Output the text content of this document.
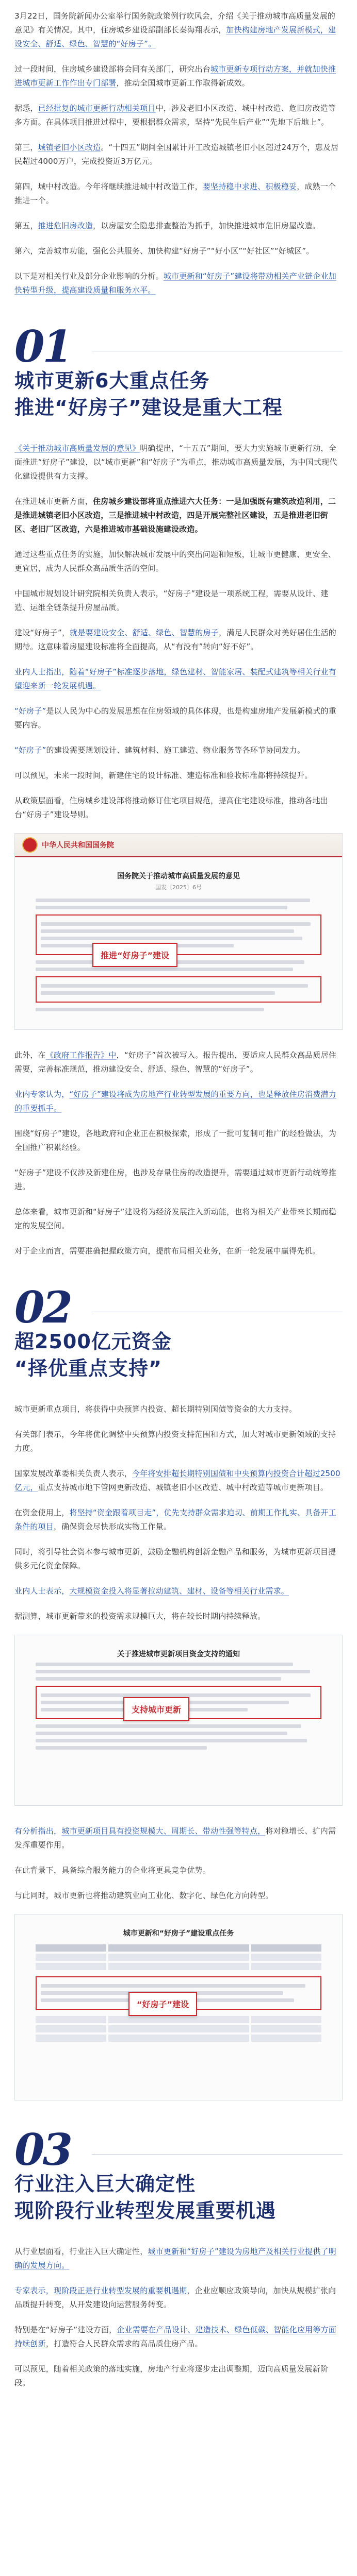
3月22日，国务院新闻办公室举行国务院政策例行吹风会，介绍《关于推动城市高质量发展的意见》有关情况。其中，住房城乡建设部副部长秦海翔表示，加快构建房地产发展新模式，建设安全、舒适、绿色、智慧的“好房子”。

过一段时间，住房城乡建设部将会同有关部门，研究出台城市更新专项行动方案，并就加快推进城市更新工作作出专门部署，推动全国城市更新工作取得新成效。

据悉，已经批复的城市更新行动相关项目中，涉及老旧小区改造、城中村改造、危旧房改造等多方面。在具体项目推进过程中，要根据群众需求，坚持“先民生后产业”“先地下后地上”。

第三，城镇老旧小区改造。“十四五”期间全国累计开工改造城镇老旧小区超过24万个，惠及居民超过4000万户，完成投资近3万亿元。

第四，城中村改造。今年将继续推进城中村改造工作，要坚持稳中求进、积极稳妥，成熟一个推进一个。

第五，推进危旧房改造，以房屋安全隐患排查整治为抓手，加快推进城市危旧房屋改造。

第六，完善城市功能，强化公共服务、加快构建“好房子”“好小区”“好社区”“好城区”。

以下是对相关行业及部分企业影响的分析。城市更新和“好房子”建设将带动相关产业链企业加快转型升级，提高建设质量和服务水平。

01
城市更新6大重点任务
推进“好房子”建设是重大工程

《关于推动城市高质量发展的意见》明确提出，“十五五”期间，要大力实施城市更新行动，全面推进“好房子”建设，以“城市更新”和“好房子”为重点，推动城市高质量发展，为中国式现代化建设提供有力支撑。

在推进城市更新方面，住房城乡建设部将重点推进六大任务：一是加强既有建筑改造利用，二是推进城镇老旧小区改造，三是推进城中村改造，四是开展完整社区建设，五是推进老旧街区、老旧厂区改造，六是推进城市基础设施建设改造。

通过这些重点任务的实施，加快解决城市发展中的突出问题和短板，让城市更健康、更安全、更宜居，成为人民群众高品质生活的空间。

中国城市规划设计研究院相关负责人表示，“好房子”建设是一项系统工程，需要从设计、建造、运维全链条提升房屋品质。

建设“好房子”，就是要建设安全、舒适、绿色、智慧的房子，满足人民群众对美好居住生活的期待。这意味着房屋建设标准将全面提高，从“有没有”转向“好不好”。

业内人士指出，随着“好房子”标准逐步落地，绿色建材、智能家居、装配式建筑等相关行业有望迎来新一轮发展机遇。

“好房子”是以人民为中心的发展思想在住房领域的具体体现，也是构建房地产发展新模式的重要内容。

“好房子”的建设需要规划设计、建筑材料、施工建造、物业服务等各环节协同发力。

可以预见，未来一段时间，新建住宅的设计标准、建造标准和验收标准都将持续提升。

从政策层面看，住房城乡建设部将推动修订住宅项目规范，提高住宅建设标准，推动各地出台“好房子”建设导则。

中华人民共和国国务院
国务院关于推动城市高质量发展的意见
国发〔2025〕6号
推进“好房子”建设

此外，在《政府工作报告》中，“好房子”首次被写入。报告提出，要适应人民群众高品质居住需要，完善标准规范，推动建设安全、舒适、绿色、智慧的“好房子”。

业内专家认为，“好房子”建设将成为房地产行业转型发展的重要方向，也是释放住房消费潜力的重要抓手。

围绕“好房子”建设，各地政府和企业正在积极探索，形成了一批可复制可推广的经验做法，为全国推广积累经验。

“好房子”建设不仅涉及新建住房，也涉及存量住房的改造提升，需要通过城市更新行动统筹推进。

总体来看，城市更新和“好房子”建设将为经济发展注入新动能，也将为相关产业带来长期而稳定的发展空间。

对于企业而言，需要准确把握政策方向，提前布局相关业务，在新一轮发展中赢得先机。

02
超2500亿元资金
“择优重点支持”

城市更新重点项目，将获得中央预算内投资、超长期特别国债等资金的大力支持。

有关部门表示，今年将优化调整中央预算内投资支持范围和方式，加大对城市更新领域的支持力度。

国家发展改革委相关负责人表示，今年将安排超长期特别国债和中央预算内投资合计超过2500亿元，重点支持城市地下管网更新改造、城镇老旧小区改造、城中村改造等城市更新项目。

在资金使用上，将坚持“资金跟着项目走”，优先支持群众需求迫切、前期工作扎实、具备开工条件的项目，确保资金尽快形成实物工作量。

同时，将引导社会资本参与城市更新，鼓励金融机构创新金融产品和服务，为城市更新项目提供多元化资金保障。

业内人士表示，大规模资金投入将显著拉动建筑、建材、设备等相关行业需求。

据测算，城市更新带来的投资需求规模巨大，将在较长时期内持续释放。

关于推进城市更新项目资金支持的通知
支持城市更新

有分析指出，城市更新项目具有投资规模大、周期长、带动性强等特点，将对稳增长、扩内需发挥重要作用。

在此背景下，具备综合服务能力的企业将更具竞争优势。

与此同时，城市更新也将推动建筑业向工业化、数字化、绿色化方向转型。

城市更新和“好房子”建设重点任务
“好房子”建设
03
行业注入巨大确定性
现阶段行业转型发展重要机遇

从行业层面看，行业注入巨大确定性，城市更新和“好房子”建设为房地产及相关行业提供了明确的发展方向。

专家表示，现阶段正是行业转型发展的重要机遇期，企业应顺应政策导向，加快从规模扩张向品质提升转变，从开发建设向运营服务转变。

特别是在“好房子”建设方面，企业需要在产品设计、建造技术、绿色低碳、智能化应用等方面持续创新，打造符合人民群众需求的高品质住房产品。

可以预见，随着相关政策的落地实施，房地产行业将逐步走出调整期，迈向高质量发展新阶段。
